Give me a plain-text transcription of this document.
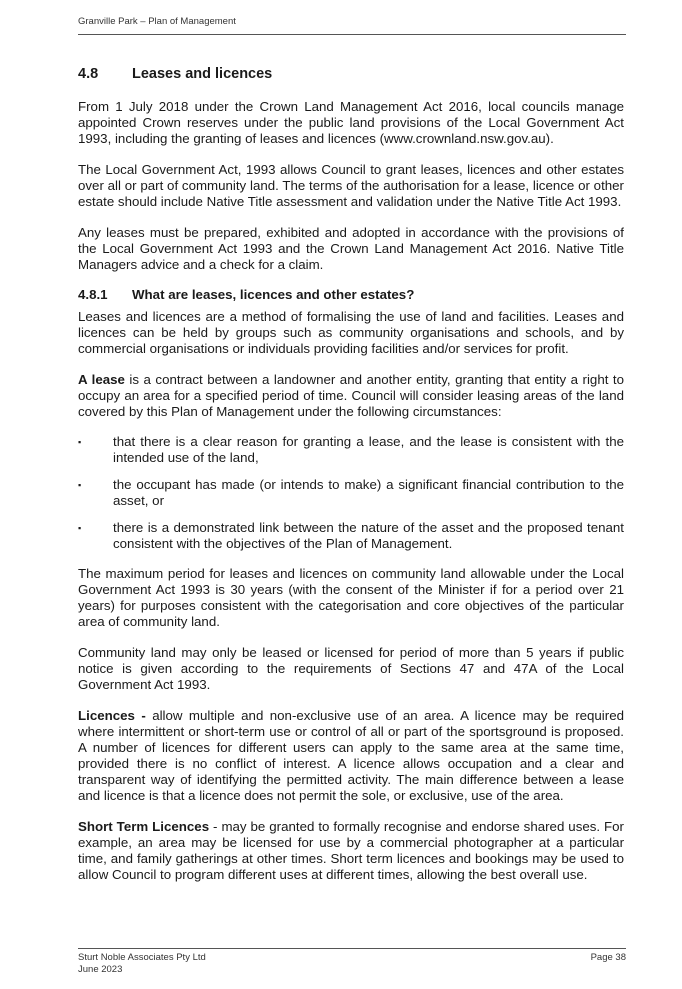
Granville Park – Plan of Management
4.8	Leases and licences

From 1 July 2018 under the Crown Land Management Act 2016, local councils manage appointed Crown reserves under the public land provisions of the Local Government Act 1993, including the granting of leases and licences (www.crownland.nsw.gov.au).

The Local Government Act, 1993 allows Council to grant leases, licences and other estates over all or part of community land. The terms of the authorisation for a lease, licence or other estate should include Native Title assessment and validation under the Native Title Act 1993.

Any leases must be prepared, exhibited and adopted in accordance with the provisions of the Local Government Act 1993 and the Crown Land Management Act 2016. Native Title Managers advice and a check for a claim.

4.8.1	What are leases, licences and other estates?

Leases and licences are a method of formalising the use of land and facilities. Leases and licences can be held by groups such as community organisations and schools, and by commercial organisations or individuals providing facilities and/or services for profit.

A lease is a contract between a landowner and another entity, granting that entity a right to occupy an area for a specified period of time. Council will consider leasing areas of the land covered by this Plan of Management under the following circumstances:

▪	that there is a clear reason for granting a lease, and the lease is consistent with the intended use of the land,
▪	the occupant has made (or intends to make) a significant financial contribution to the asset, or
▪	there is a demonstrated link between the nature of the asset and the proposed tenant consistent with the objectives of the Plan of Management.

The maximum period for leases and licences on community land allowable under the Local Government Act 1993 is 30 years (with the consent of the Minister if for a period over 21 years) for purposes consistent with the categorisation and core objectives of the particular area of community land.

Community land may only be leased or licensed for period of more than 5 years if public notice is given according to the requirements of Sections 47 and 47A of the Local Government Act 1993.

Licences - allow multiple and non-exclusive use of an area. A licence may be required where intermittent or short-term use or control of all or part of the sportsground is proposed. A number of licences for different users can apply to the same area at the same time, provided there is no conflict of interest. A licence allows occupation and a clear and transparent way of identifying the permitted activity. The main difference between a lease and licence is that a licence does not permit the sole, or exclusive, use of the area.

Short Term Licences - may be granted to formally recognise and endorse shared uses. For example, an area may be licensed for use by a commercial photographer at a particular time, and family gatherings at other times. Short term licences and bookings may be used to allow Council to program different uses at different times, allowing the best overall use.

Sturt Noble Associates Pty Ltd
June 2023
Page 38
